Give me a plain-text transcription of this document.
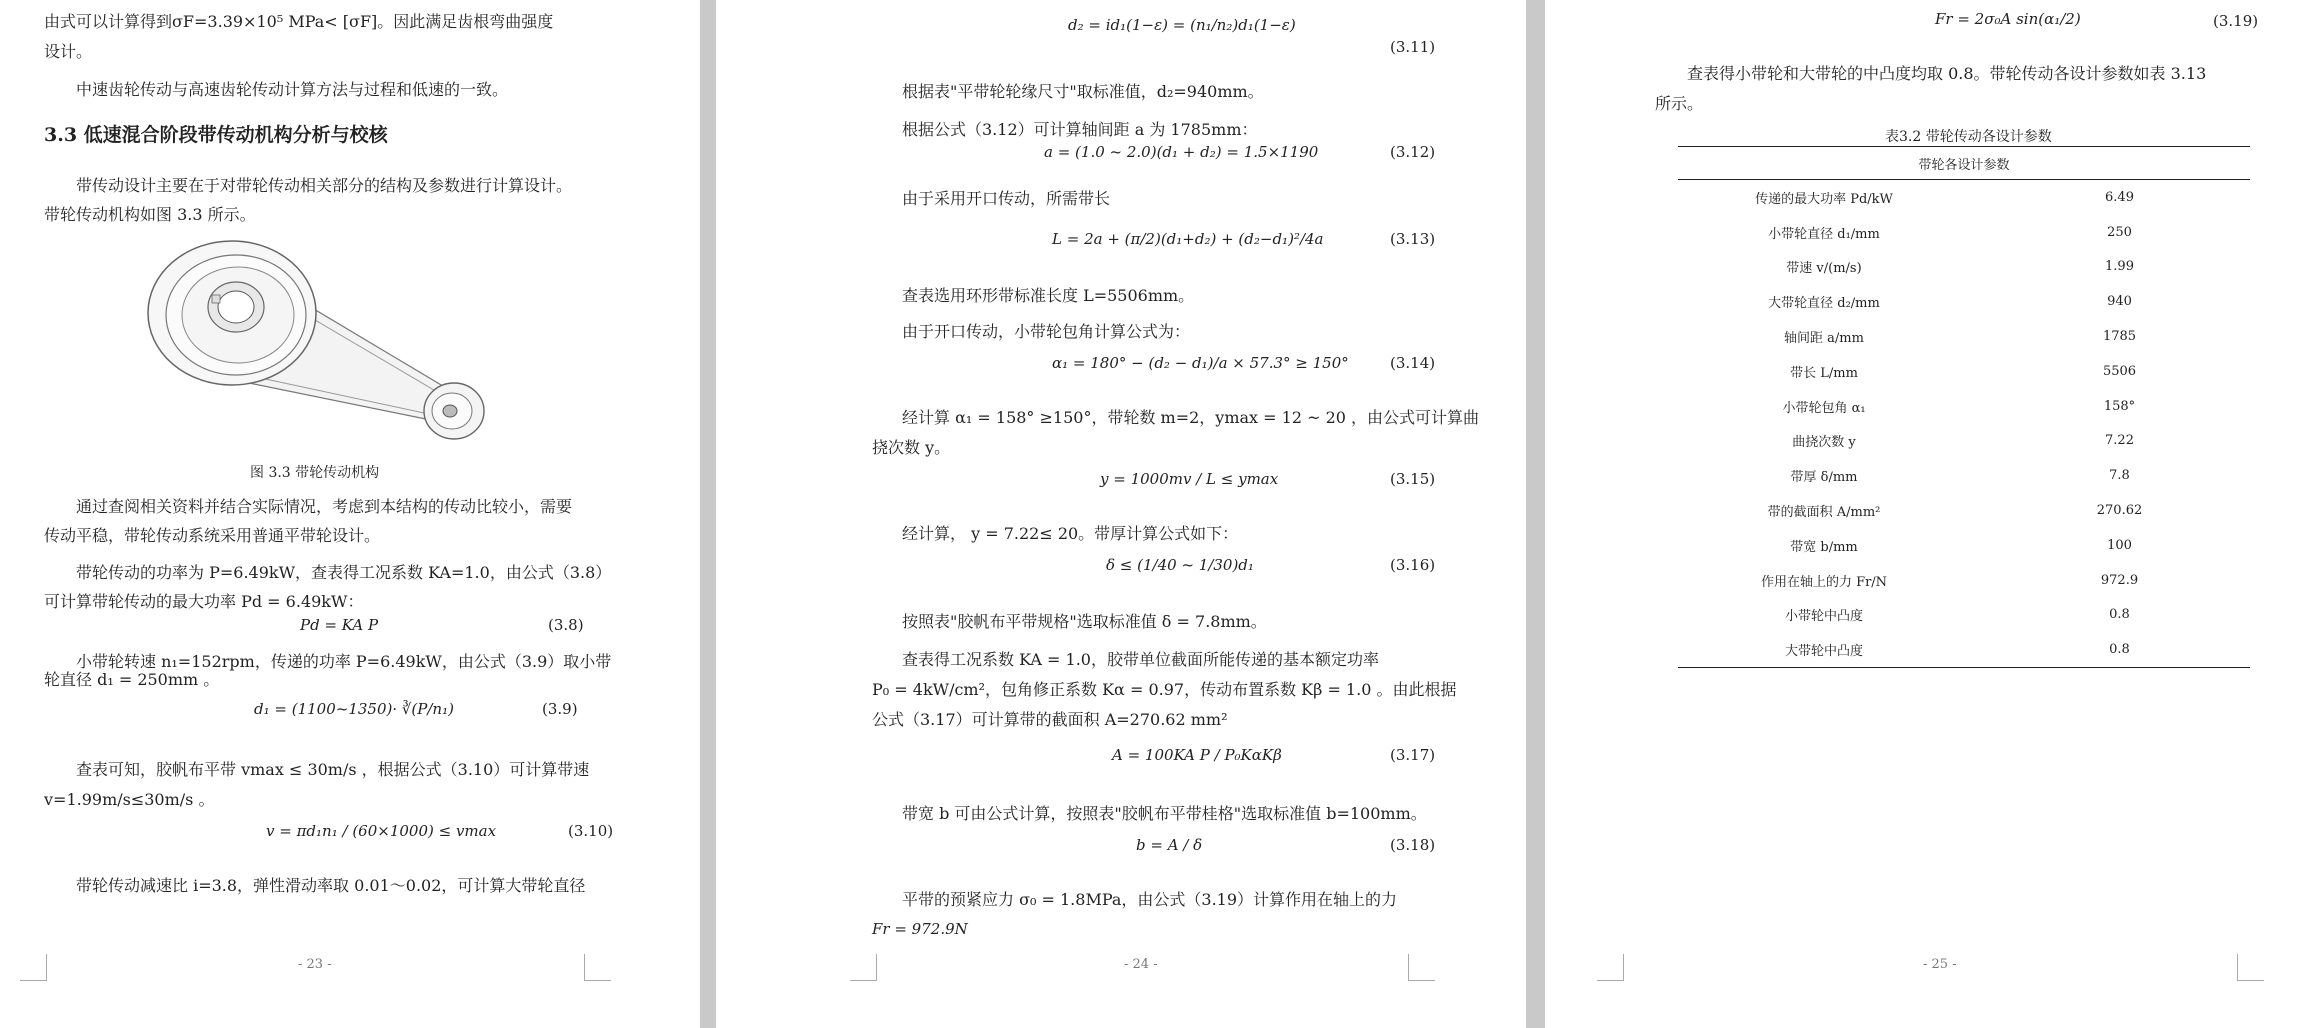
由式可以计算得到σF=3.39×10⁵ MPa< [σF]。因此满足齿根弯曲强度
设计。
中速齿轮传动与高速齿轮传动计算方法与过程和低速的一致。
3.3 低速混合阶段带传动机构分析与校核
带传动设计主要在于对带轮传动相关部分的结构及参数进行计算设计。
带轮传动机构如图 3.3 所示。
图 3.3 带轮传动机构
通过查阅相关资料并结合实际情况，考虑到本结构的传动比较小，需要
传动平稳，带轮传动系统采用普通平带轮设计。
带轮传动的功率为 P=6.49kW，查表得工况系数 KA=1.0，由公式（3.8）
可计算带轮传动的最大功率 Pd = 6.49kW：
Pd = KA P	(3.8)
小带轮转速 n₁=152rpm，传递的功率 P=6.49kW，由公式（3.9）取小带
轮直径 d₁ = 250mm 。
d₁ = (1100~1350)· ∛(P/n₁)	(3.9)
查表可知，胶帆布平带 vmax ≤ 30m/s ，根据公式（3.10）可计算带速
v=1.99m/s≤30m/s 。
v = πd₁n₁ / (60×1000) ≤ vmax	(3.10)
带轮传动减速比 i=3.8，弹性滑动率取 0.01～0.02，可计算大带轮直径
- 23 -
d₂ = id₁(1−ε) = (n₁/n₂)d₁(1−ε)
(3.11)
根据表"平带轮轮缘尺寸"取标准值，d₂=940mm。
根据公式（3.12）可计算轴间距 a 为 1785mm：
a = (1.0 ~ 2.0)(d₁ + d₂) = 1.5×1190	(3.12)
由于采用开口传动，所需带长
L = 2a + (π/2)(d₁+d₂) + (d₂−d₁)²/4a	(3.13)
查表选用环形带标准长度 L=5506mm。
由于开口传动，小带轮包角计算公式为：
α₁ = 180° − (d₂ − d₁)/a × 57.3° ≥ 150°	(3.14)
经计算 α₁ = 158° ≥150°，带轮数 m=2，ymax = 12 ~ 20 ，由公式可计算曲
挠次数 y。
y = 1000mv / L ≤ ymax	(3.15)
经计算， y = 7.22≤ 20。带厚计算公式如下：
δ ≤ (1/40 ~ 1/30)d₁	(3.16)
按照表"胶帆布平带规格"选取标准值 δ = 7.8mm。
查表得工况系数 KA = 1.0，胶带单位截面所能传递的基本额定功率
P₀ = 4kW/cm²，包角修正系数 Kα = 0.97，传动布置系数 Kβ = 1.0 。由此根据
公式（3.17）可计算带的截面积 A=270.62 mm²
A = 100KA P / P₀KαKβ	(3.17)
带宽 b 可由公式计算，按照表"胶帆布平带桂格"选取标准值 b=100mm。
b = A / δ	(3.18)
平带的预紧应力 σ₀ = 1.8MPa，由公式（3.19）计算作用在轴上的力
Fr = 972.9N
- 24 -
Fr = 2σ₀A sin(α₁/2)	(3.19)
查表得小带轮和大带轮的中凸度均取 0.8。带轮传动各设计参数如表 3.13
所示。
表3.2 带轮传动各设计参数
带轮各设计参数	
传递的最大功率 Pd/kW	6.49
小带轮直径 d₁/mm	250
带速 v/(m/s)	1.99
大带轮直径 d₂/mm	940
轴间距 a/mm	1785
带长 L/mm	5506
小带轮包角 α₁	158°
曲挠次数 y	7.22
带厚 δ/mm	7.8
带的截面积 A/mm²	270.62
带宽 b/mm	100
作用在轴上的力 Fr/N	972.9
小带轮中凸度	0.8
大带轮中凸度	0.8
- 25 -
